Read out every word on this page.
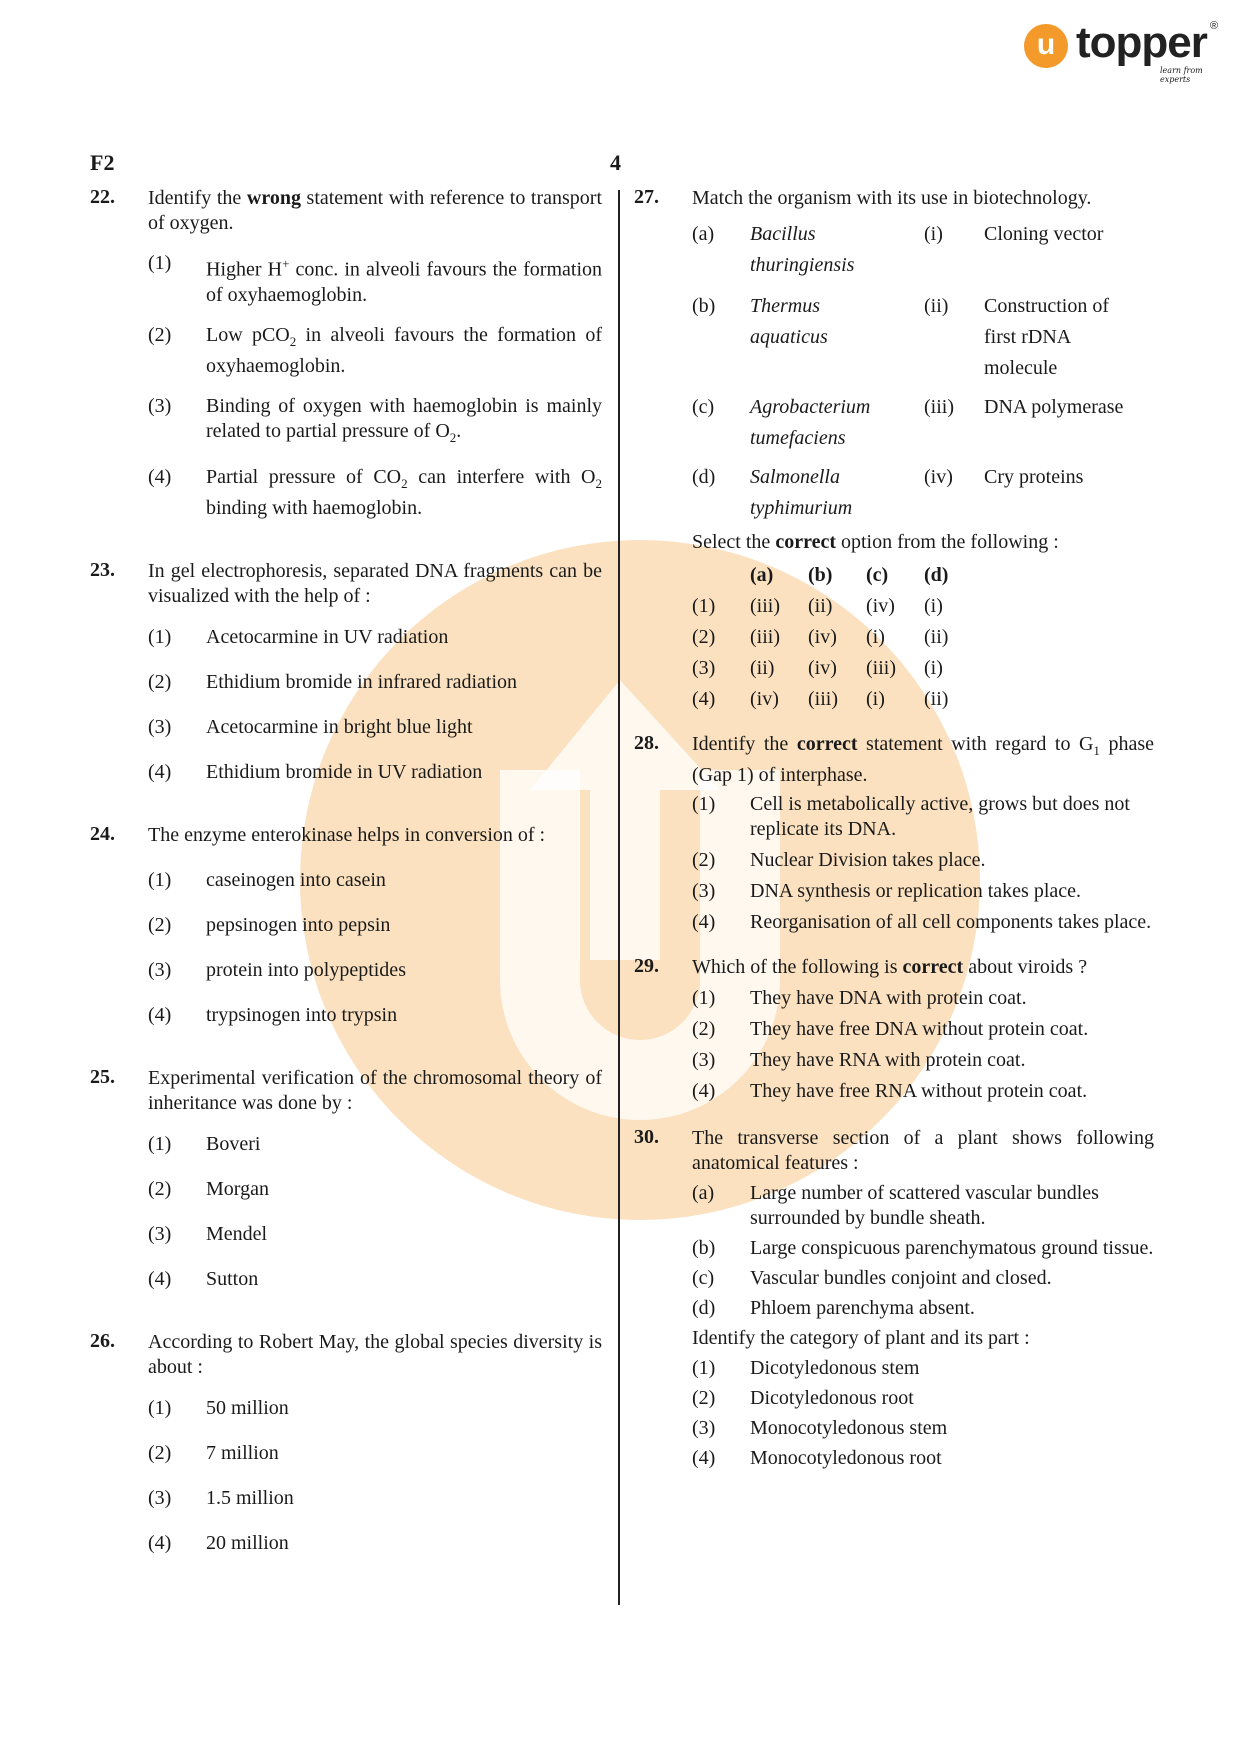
u topper ®
learn from experts
F2	4
22. Identify the wrong statement with reference to transport of oxygen.
(1) Higher H+ conc. in alveoli favours the formation of oxyhaemoglobin.
(2) Low pCO$_2$ in alveoli favours the formation of oxyhaemoglobin.
(3) Binding of oxygen with haemoglobin is mainly related to partial pressure of $O_2$.
(4) Partial pressure of $CO_2$ can interfere with $O_2$ binding with haemoglobin.
23. In gel electrophoresis, separated DNA fragments can be visualized with the help of :
(1) Acetocarmine in UV radiation
(2) Ethidium bromide in infrared radiation
(3) Acetocarmine in bright blue light
(4) Ethidium bromide in UV radiation
24. The enzyme enterokinase helps in conversion of :
(1) caseinogen into casein
(2) pepsinogen into pepsin
(3) protein into polypeptides
(4) trypsinogen into trypsin
25. Experimental verification of the chromosomal theory of inheritance was done by :
(1) Boveri
(2) Morgan
(3) Mendel
(4) Sutton
26. According to Robert May, the global species diversity is about :
(1) 50 million
(2) 7 million
(3) 1.5 million
(4) 20 million
27. Match the organism with its use in biotechnology.
(a) Bacillus
thuringiensis
(i) Cloning vector
(b) Thermus
aquaticus
(ii) Construction of
first rDNA
molecule
(c) Agrobacterium
tumefaciens
(iii) DNA polymerase
(d) Salmonella
typhimurium
(iv) Cry proteins
Select the correct option from the following :
(a) (b) (c) (d)
(1) (iii) (ii) (iv) (i)
(2) (iii) (iv) (i) (ii)
(3) (ii) (iv) (iii) (i)
(4) (iv) (iii) (i) (ii)
28. Identify the correct statement with regard to $G_1$ phase (Gap 1) of interphase.
(1) Cell is metabolically active, grows but does not replicate its DNA.
(2) Nuclear Division takes place.
(3) DNA synthesis or replication takes place.
(4) Reorganisation of all cell components takes place.
29. Which of the following is correct about viroids ?
(1) They have DNA with protein coat.
(2) They have free DNA without protein coat.
(3) They have RNA with protein coat.
(4) They have free RNA without protein coat.
30. The transverse section of a plant shows following anatomical features :
(a) Large number of scattered vascular bundles surrounded by bundle sheath.
(b) Large conspicuous parenchymatous ground tissue.
(c) Vascular bundles conjoint and closed.
(d) Phloem parenchyma absent.
Identify the category of plant and its part :
(1) Dicotyledonous stem
(2) Dicotyledonous root
(3) Monocotyledonous stem
(4) Monocotyledonous root
